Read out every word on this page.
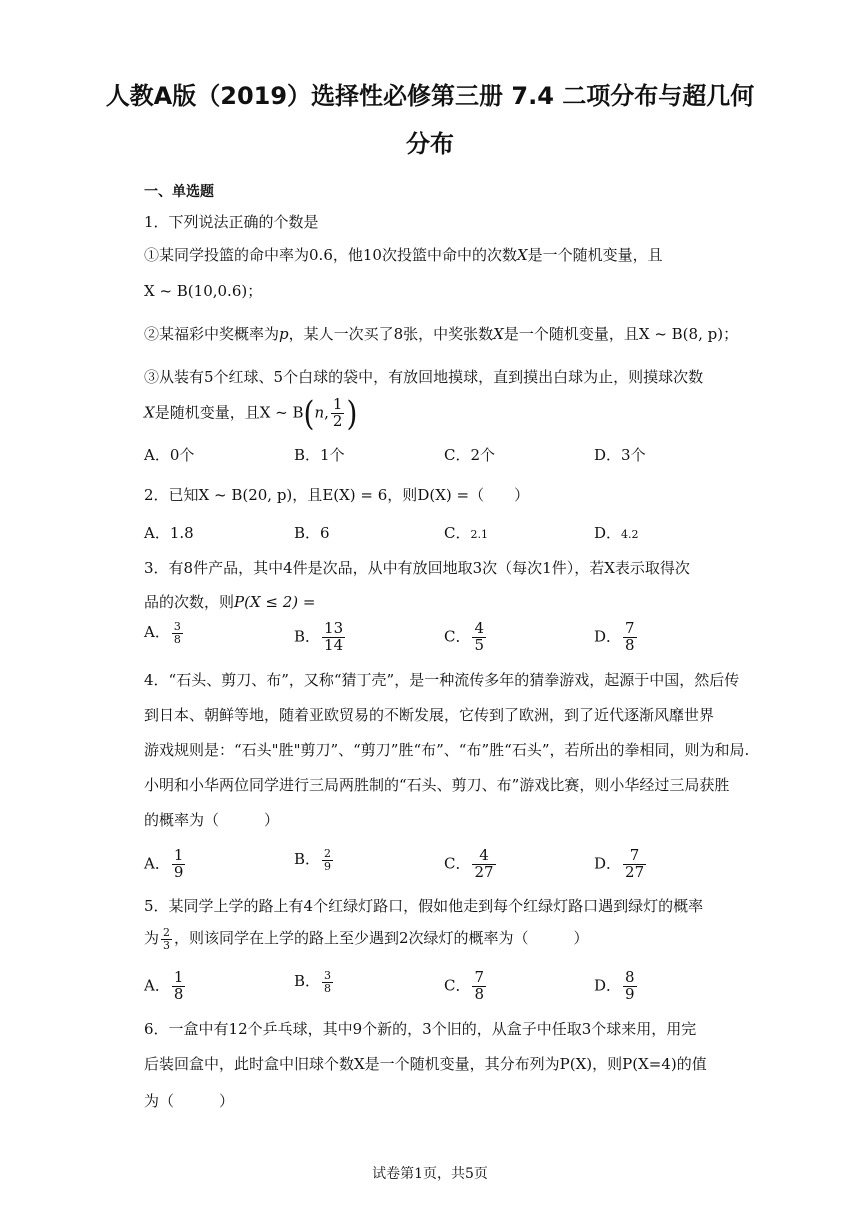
人教A版（2019）选择性必修第三册 7.4 二项分布与超几何
分布
一、单选题
1．下列说法正确的个数是
①某同学投篮的命中率为0.6，他10次投篮中命中的次数X是一个随机变量，且
X ~ B(10,0.6)；
②某福彩中奖概率为p，某人一次买了8张，中奖张数X是一个随机变量，且X ~ B(8, p)；
③从装有5个红球、5个白球的袋中，有放回地摸球，直到摸出白球为止，则摸球次数
X是随机变量，且X ~ B(n, $\frac{1}{2}$ )
A．0个	B．1个	C．2个	D．3个
2．已知X ~ B(20, p)，且E(X) = 6，则D(X) =（　　）
A．1.8	B．6	C．2.1	D．4.2
3．有8件产品，其中4件是次品，从中有放回地取3次（每次1件），若X表示取得次
品的次数，则P(X ≤ 2) =
A． $\frac{3}{8}$	B． $\frac{13}{14}$	C． $\frac{4}{5}$	D． $\frac{7}{8}$
4．“石头、剪刀、布”，又称“猜丁壳”，是一种流传多年的猜拳游戏，起源于中国，然后传
到日本、朝鲜等地，随着亚欧贸易的不断发展，它传到了欧洲，到了近代逐渐风靡世界
游戏规则是：“石头"胜"剪刀”、“剪刀”胜“布”、“布”胜“石头”，若所出的拳相同，则为和局.
小明和小华两位同学进行三局两胜制的“石头、剪刀、布”游戏比赛，则小华经过三局获胜
的概率为（　　　）
A． $\frac{1}{9}$	B． $\frac{2}{9}$	C． $\frac{4}{27}$	D． $\frac{7}{27}$
5．某同学上学的路上有4个红绿灯路口，假如他走到每个红绿灯路口遇到绿灯的概率
为 $\frac{2}{3}$ ，则该同学在上学的路上至少遇到2次绿灯的概率为（　　　）
A． $\frac{1}{8}$	B． $\frac{3}{8}$	C． $\frac{7}{8}$	D． $\frac{8}{9}$
6．一盒中有12个乒乓球，其中9个新的，3个旧的，从盒子中任取3个球来用，用完
后装回盒中，此时盒中旧球个数X是一个随机变量，其分布列为P(X)，则P(X=4)的值
为（　　　）
试卷第1页，共5页
